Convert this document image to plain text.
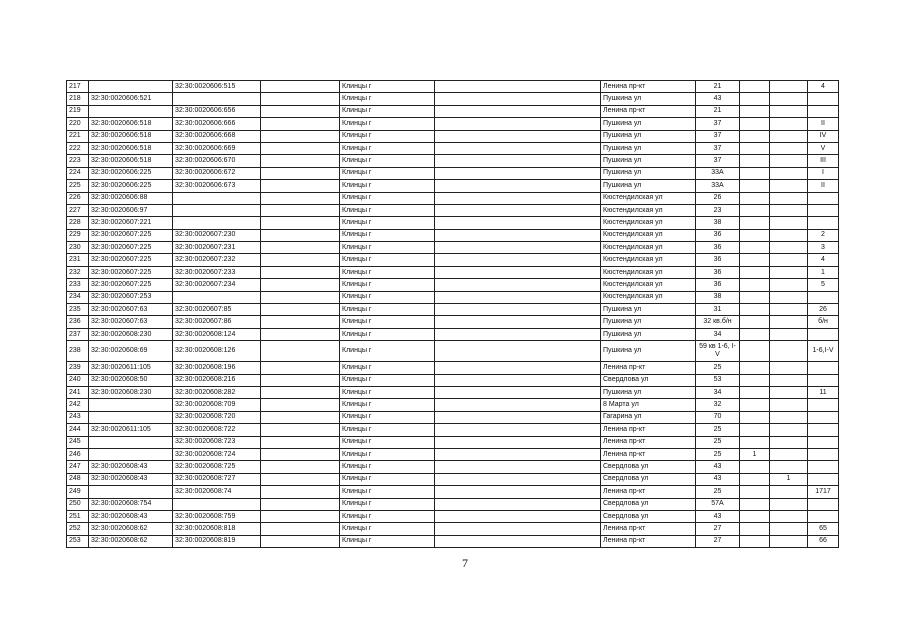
217		32:30:0020606:515		Клинцы г		Ленина пр-кт	21			4
218	32:30:0020606:521			Клинцы г		Пушкина ул	43			
219		32:30:0020606:656		Клинцы г		Ленина пр-кт	21			
220	32:30:0020606:518	32:30:0020606:666		Клинцы г		Пушкина ул	37			II
221	32:30:0020606:518	32:30:0020606:668		Клинцы г		Пушкина ул	37			IV
222	32:30:0020606:518	32:30:0020606:669		Клинцы г		Пушкина ул	37			V
223	32:30:0020606:518	32:30:0020606:670		Клинцы г		Пушкина ул	37			III
224	32:30:0020606:225	32:30:0020606:672		Клинцы г		Пушкина ул	33А			I
225	32:30:0020606:225	32:30:0020606:673		Клинцы г		Пушкина ул	33А			II
226	32:30:0020606:88			Клинцы г		Кюстендилская ул	26			
227	32:30:0020606:97			Клинцы г		Кюстендилская ул	23			
228	32:30:0020607:221			Клинцы г		Кюстендилская ул	38			
229	32:30:0020607:225	32:30:0020607:230		Клинцы г		Кюстендилская ул	36			2
230	32:30:0020607:225	32:30:0020607:231		Клинцы г		Кюстендилская ул	36			3
231	32:30:0020607:225	32:30:0020607:232		Клинцы г		Кюстендилская ул	36			4
232	32:30:0020607:225	32:30:0020607:233		Клинцы г		Кюстендилская ул	36			1
233	32:30:0020607:225	32:30:0020607:234		Клинцы г		Кюстендилская ул	36			5
234	32:30:0020607:253			Клинцы г		Кюстендилская ул	38			
235	32:30:0020607:63	32:30:0020607:85		Клинцы г		Пушкина ул	31			26
236	32:30:0020607:63	32:30:0020607:86		Клинцы г		Пушкина ул	32 кв.б/н			б/н
237	32:30:0020608:230	32:30:0020608:124		Клинцы г		Пушкина ул	34			
238	32:30:0020608:69	32:30:0020608:126		Клинцы г		Пушкина ул	59 кв 1-6, I-V			1-6,I-V
239	32:30:0020611:105	32:30:0020608:196		Клинцы г		Ленина пр-кт	25			
240	32:30:0020608:50	32:30:0020608:216		Клинцы г		Свердлова ул	53			
241	32:30:0020608:230	32:30:0020608:282		Клинцы г		Пушкина ул	34			11
242		32:30:0020608:709		Клинцы г		8 Марта ул	32			
243		32:30:0020608:720		Клинцы г		Гагарина ул	70			
244	32:30:0020611:105	32:30:0020608:722		Клинцы г		Ленина пр-кт	25			
245		32:30:0020608:723		Клинцы г		Ленина пр-кт	25			
246		32:30:0020608:724		Клинцы г		Ленина пр-кт	25	1		
247	32:30:0020608:43	32:30:0020608:725		Клинцы г		Свердлова ул	43			
248	32:30:0020608:43	32:30:0020608:727		Клинцы г		Свердлова ул	43		1	
249		32:30:0020608:74		Клинцы г		Ленина пр-кт	25			1717
250	32:30:0020608:754			Клинцы г		Свердлова ул	57А			
251	32:30:0020608:43	32:30:0020608:759		Клинцы г		Свердлова ул	43			
252	32:30:0020608:62	32:30:0020608:818		Клинцы г		Ленина пр-кт	27			65
253	32:30:0020608:62	32:30:0020608:819		Клинцы г		Ленина пр-кт	27			66
7
